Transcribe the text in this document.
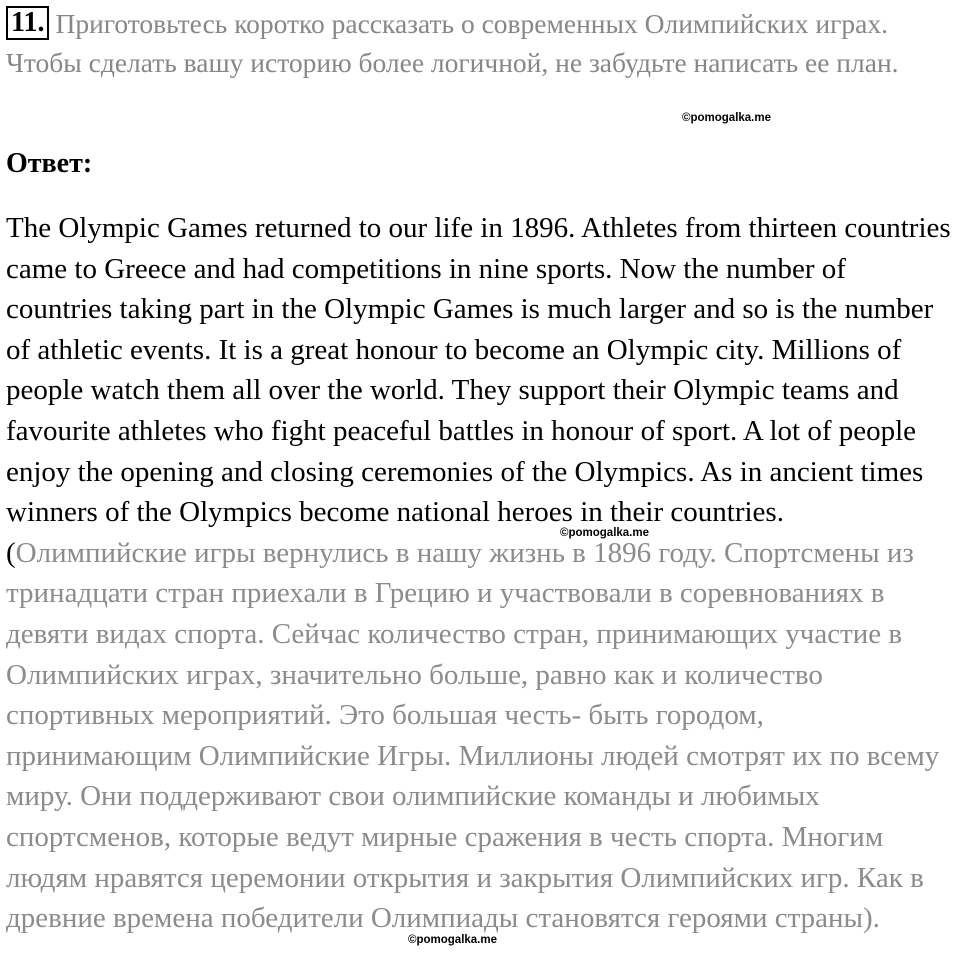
11. Приготовьтесь коротко рассказать о современных Олимпийских играх. Чтобы сделать вашу историю более логичной, не забудьте написать ее план.
©pomogalka.me
Ответ:
The Olympic Games returned to our life in 1896. Athletes from thirteen countries came to Greece and had competitions in nine sports. Now the number of countries taking part in the Olympic Games is much larger and so is the number of athletic events. It is a great honour to become an Olympic city. Millions of people watch them all over the world. They support their Olympic teams and favourite athletes who fight peaceful battles in honour of sport. A lot of people enjoy the opening and closing ceremonies of the Olympics. As in ancient times winners of the Olympics become national heroes in their countries. (Олимпийские игры вернулись в нашу жизнь в 1896 году. Спортсмены из тринадцати стран приехали в Грецию и участвовали в соревнованиях в девяти видах спорта. Сейчас количество стран, принимающих участие в Олимпийских играх, значительно больше, равно как и количество спортивных мероприятий. Это большая честь- быть городом, принимающим Олимпийские Игры. Миллионы людей смотрят их по всему миру. Они поддерживают свои олимпийские команды и любимых спортсменов, которые ведут мирные сражения в честь спорта. Многим людям нравятся церемонии открытия и закрытия Олимпийских игр. Как в древние времена победители Олимпиады становятся героями страны).
©pomogalka.me
©pomogalka.me
